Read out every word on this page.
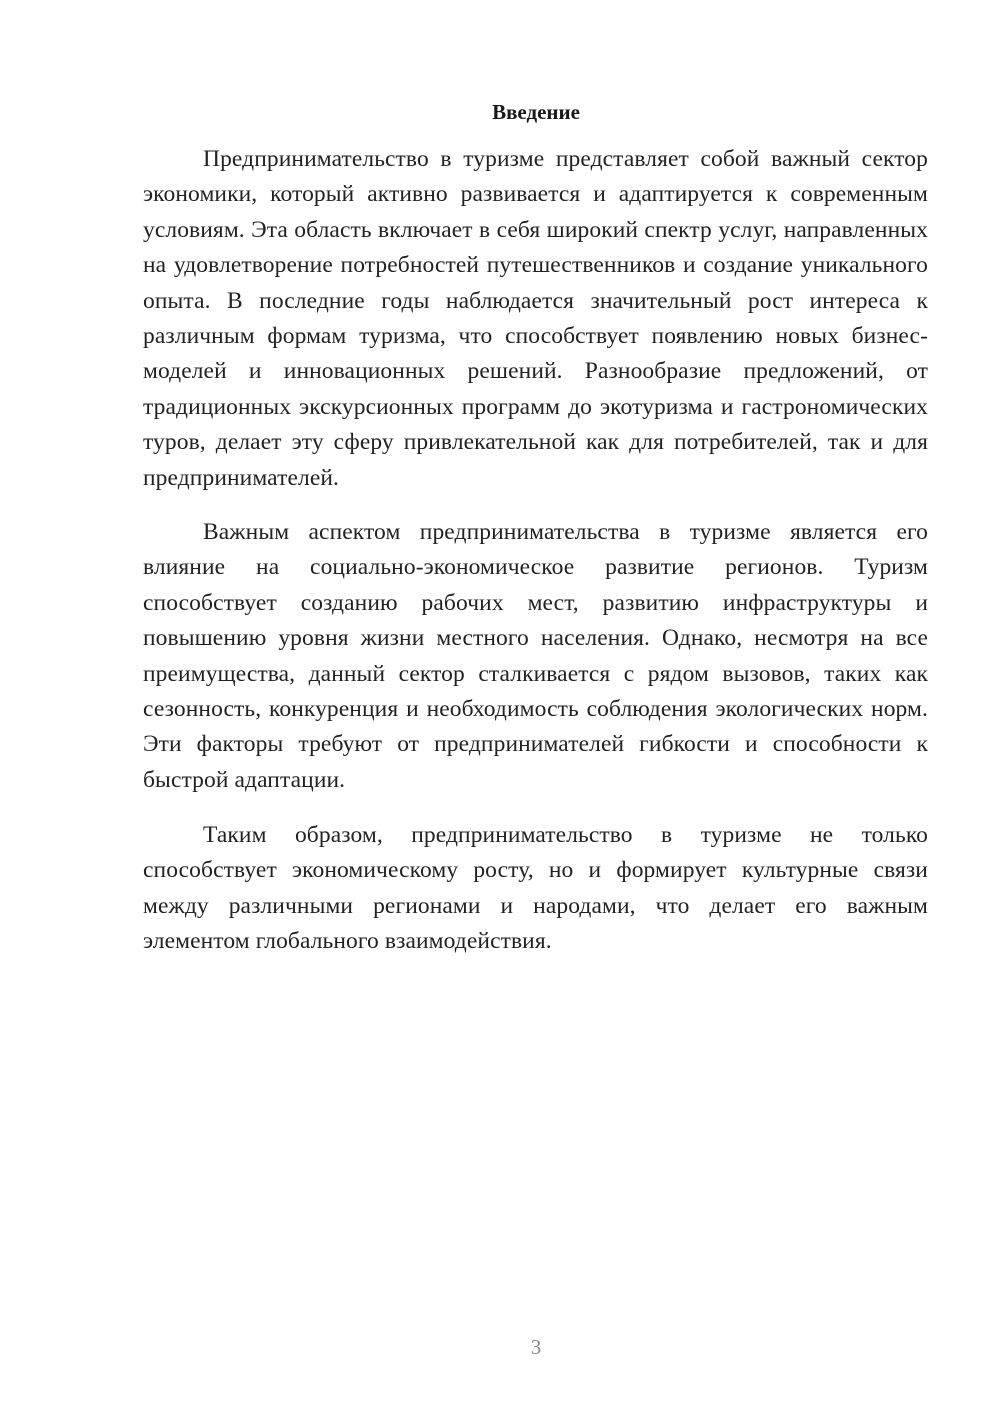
Введение

Предпринимательство в туризме представляет собой важный сектор экономики, который активно развивается и адаптируется к современным условиям. Эта область включает в себя широкий спектр услуг, направленных на удовлетворение потребностей путешественников и создание уникального опыта. В последние годы наблюдается значительный рост интереса к различным формам туризма, что способствует появлению новых бизнес-моделей и инновационных решений. Разнообразие предложений, от традиционных экскурсионных программ до экотуризма и гастрономических туров, делает эту сферу привлекательной как для потребителей, так и для предпринимателей.

Важным аспектом предпринимательства в туризме является его влияние на социально-экономическое развитие регионов. Туризм способствует созданию рабочих мест, развитию инфраструктуры и повышению уровня жизни местного населения. Однако, несмотря на все преимущества, данный сектор сталкивается с рядом вызовов, таких как сезонность, конкуренция и необходимость соблюдения экологических норм. Эти факторы требуют от предпринимателей гибкости и способности к быстрой адаптации.

Таким образом, предпринимательство в туризме не только способствует экономическому росту, но и формирует культурные связи между различными регионами и народами, что делает его важным элементом глобального взаимодействия.

3
